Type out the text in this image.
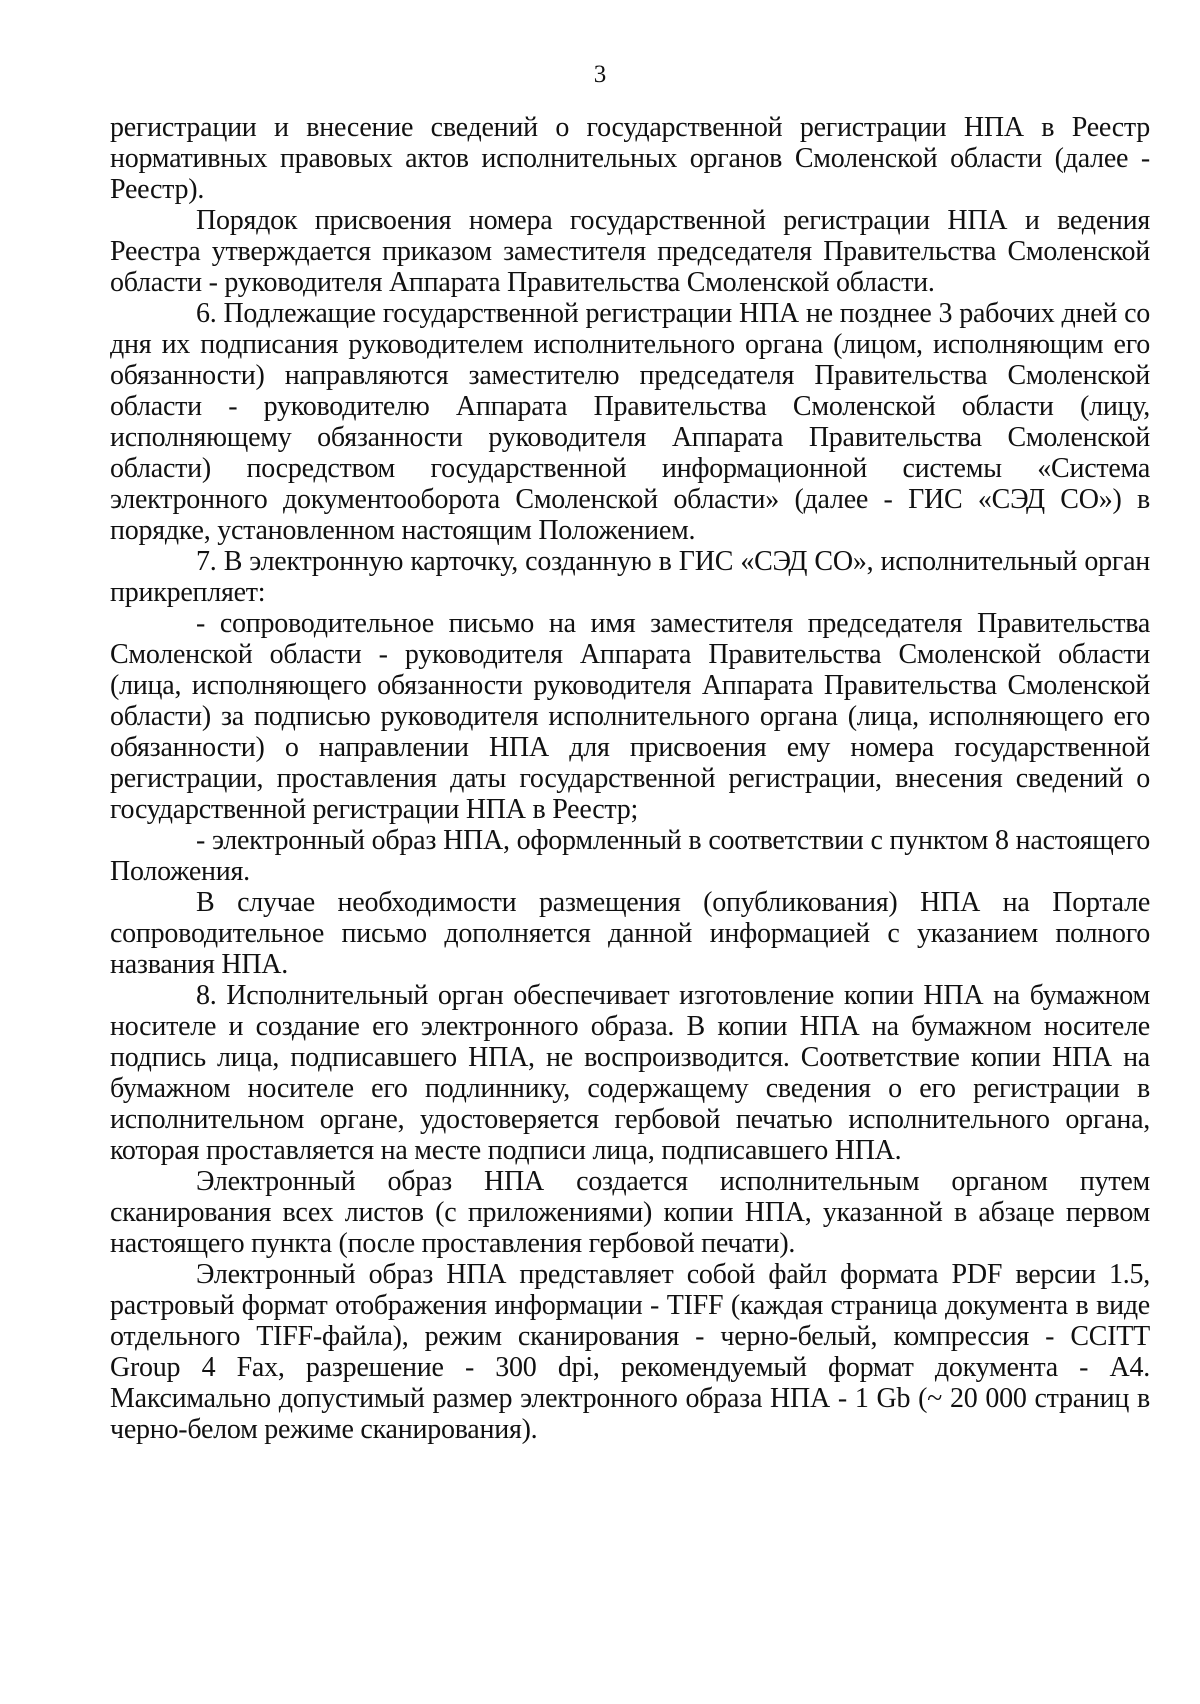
3

регистрации и внесение сведений о государственной регистрации НПА в Реестр нормативных правовых актов исполнительных органов Смоленской области (далее - Реестр).

Порядок присвоения номера государственной регистрации НПА и ведения Реестра утверждается приказом заместителя председателя Правительства Смоленской области - руководителя Аппарата Правительства Смоленской области.

6. Подлежащие государственной регистрации НПА не позднее 3 рабочих дней со дня их подписания руководителем исполнительного органа (лицом, исполняющим его обязанности) направляются заместителю председателя Правительства Смоленской области - руководителю Аппарата Правительства Смоленской области (лицу, исполняющему обязанности руководителя Аппарата Правительства Смоленской области) посредством государственной информационной системы «Система электронного документооборота Смоленской области» (далее - ГИС «СЭД СО») в порядке, установленном настоящим Положением.

7. В электронную карточку, созданную в ГИС «СЭД СО», исполнительный орган прикрепляет:

- сопроводительное письмо на имя заместителя председателя Правительства Смоленской области - руководителя Аппарата Правительства Смоленской области (лица, исполняющего обязанности руководителя Аппарата Правительства Смоленской области) за подписью руководителя исполнительного органа (лица, исполняющего его обязанности) о направлении НПА для присвоения ему номера государственной регистрации, проставления даты государственной регистрации, внесения сведений о государственной регистрации НПА в Реестр;

- электронный образ НПА, оформленный в соответствии с пунктом 8 настоящего Положения.

В случае необходимости размещения (опубликования) НПА на Портале сопроводительное письмо дополняется данной информацией с указанием полного названия НПА.

8. Исполнительный орган обеспечивает изготовление копии НПА на бумажном носителе и создание его электронного образа. В копии НПА на бумажном носителе подпись лица, подписавшего НПА, не воспроизводится. Соответствие копии НПА на бумажном носителе его подлиннику, содержащему сведения о его регистрации в исполнительном органе, удостоверяется гербовой печатью исполнительного органа, которая проставляется на месте подписи лица, подписавшего НПА.

Электронный образ НПА создается исполнительным органом путем сканирования всех листов (с приложениями) копии НПА, указанной в абзаце первом настоящего пункта (после проставления гербовой печати).

Электронный образ НПА представляет собой файл формата PDF версии 1.5, растровый формат отображения информации - TIFF (каждая страница документа в виде отдельного TIFF-файла), режим сканирования - черно-белый, компрессия - CCITT Group 4 Fax, разрешение - 300 dpi, рекомендуемый формат документа - А4. Максимально допустимый размер электронного образа НПА - 1 Gb (~ 20 000 страниц в черно-белом режиме сканирования).
